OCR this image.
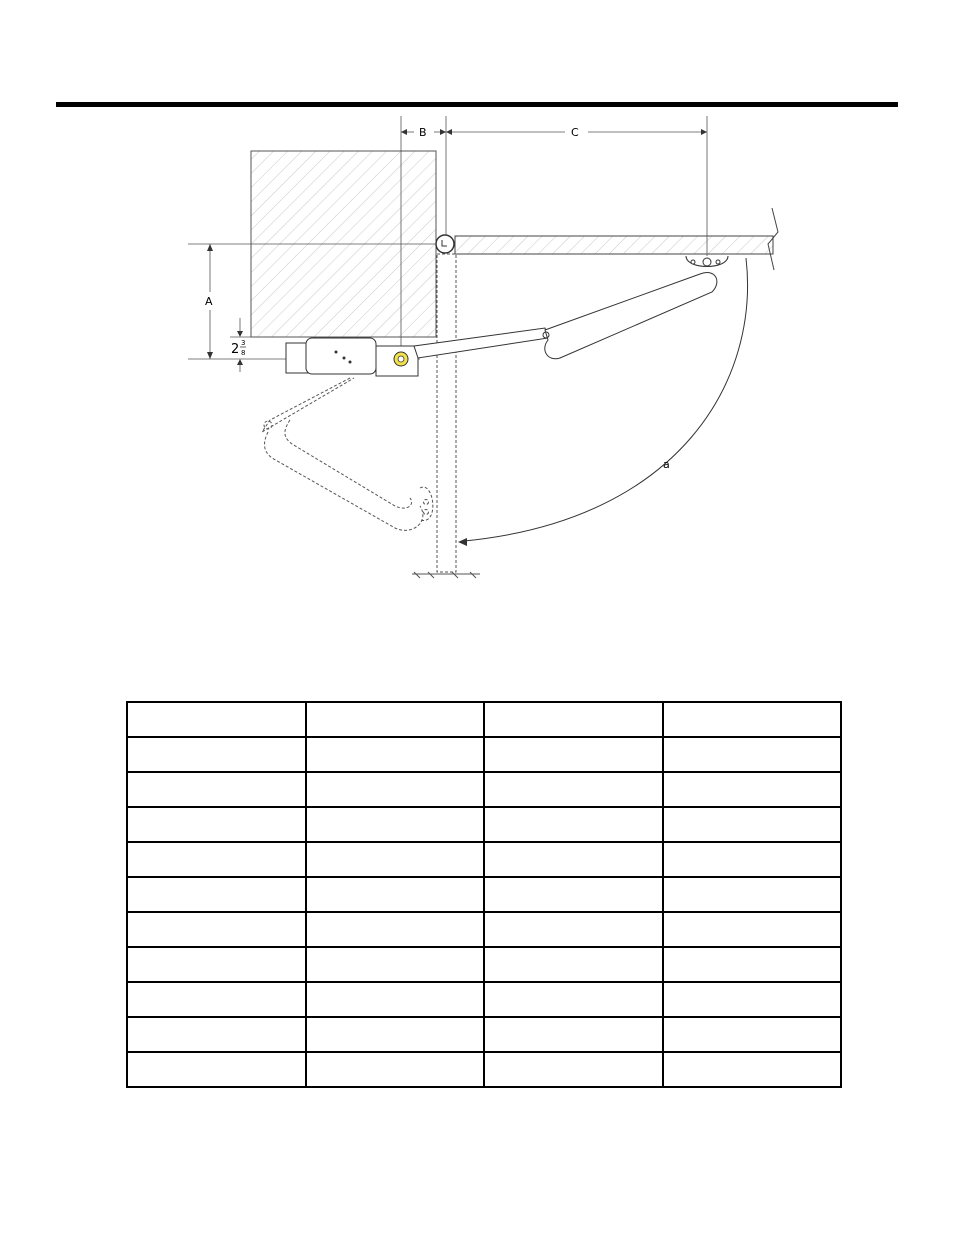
B	C
A
2 3
8
a
